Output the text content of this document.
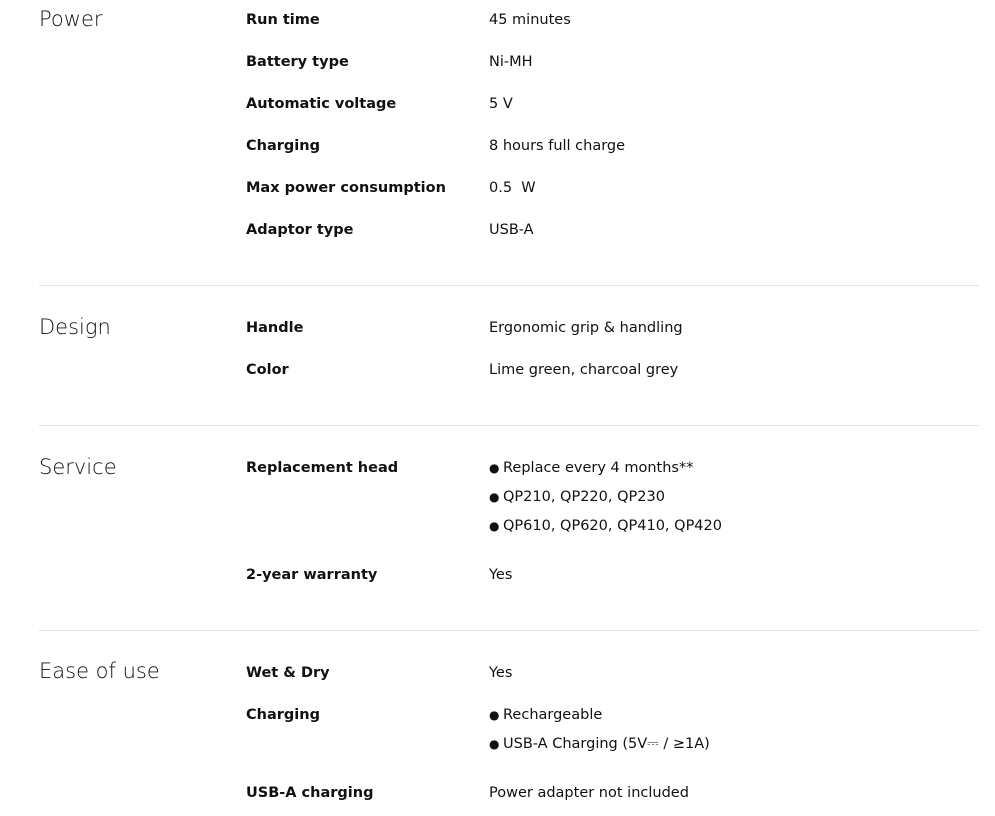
Power	Run time	45 minutes
Battery type	Ni-MH
Automatic voltage	5 V
Charging	8 hours full charge
Max power consumption	0.5  W
Adaptor type	USB-A
Design	Handle	Ergonomic grip & handling
Color	Lime green, charcoal grey
Service	Replacement head	● Replace every 4 months**
● QP210, QP220, QP230
● QP610, QP620, QP410, QP420
2-year warranty	Yes
Ease of use	Wet & Dry	Yes
Charging	● Rechargeable
● USB-A Charging (5V⎓ / ≥1A)
USB-A charging	Power adapter not included
